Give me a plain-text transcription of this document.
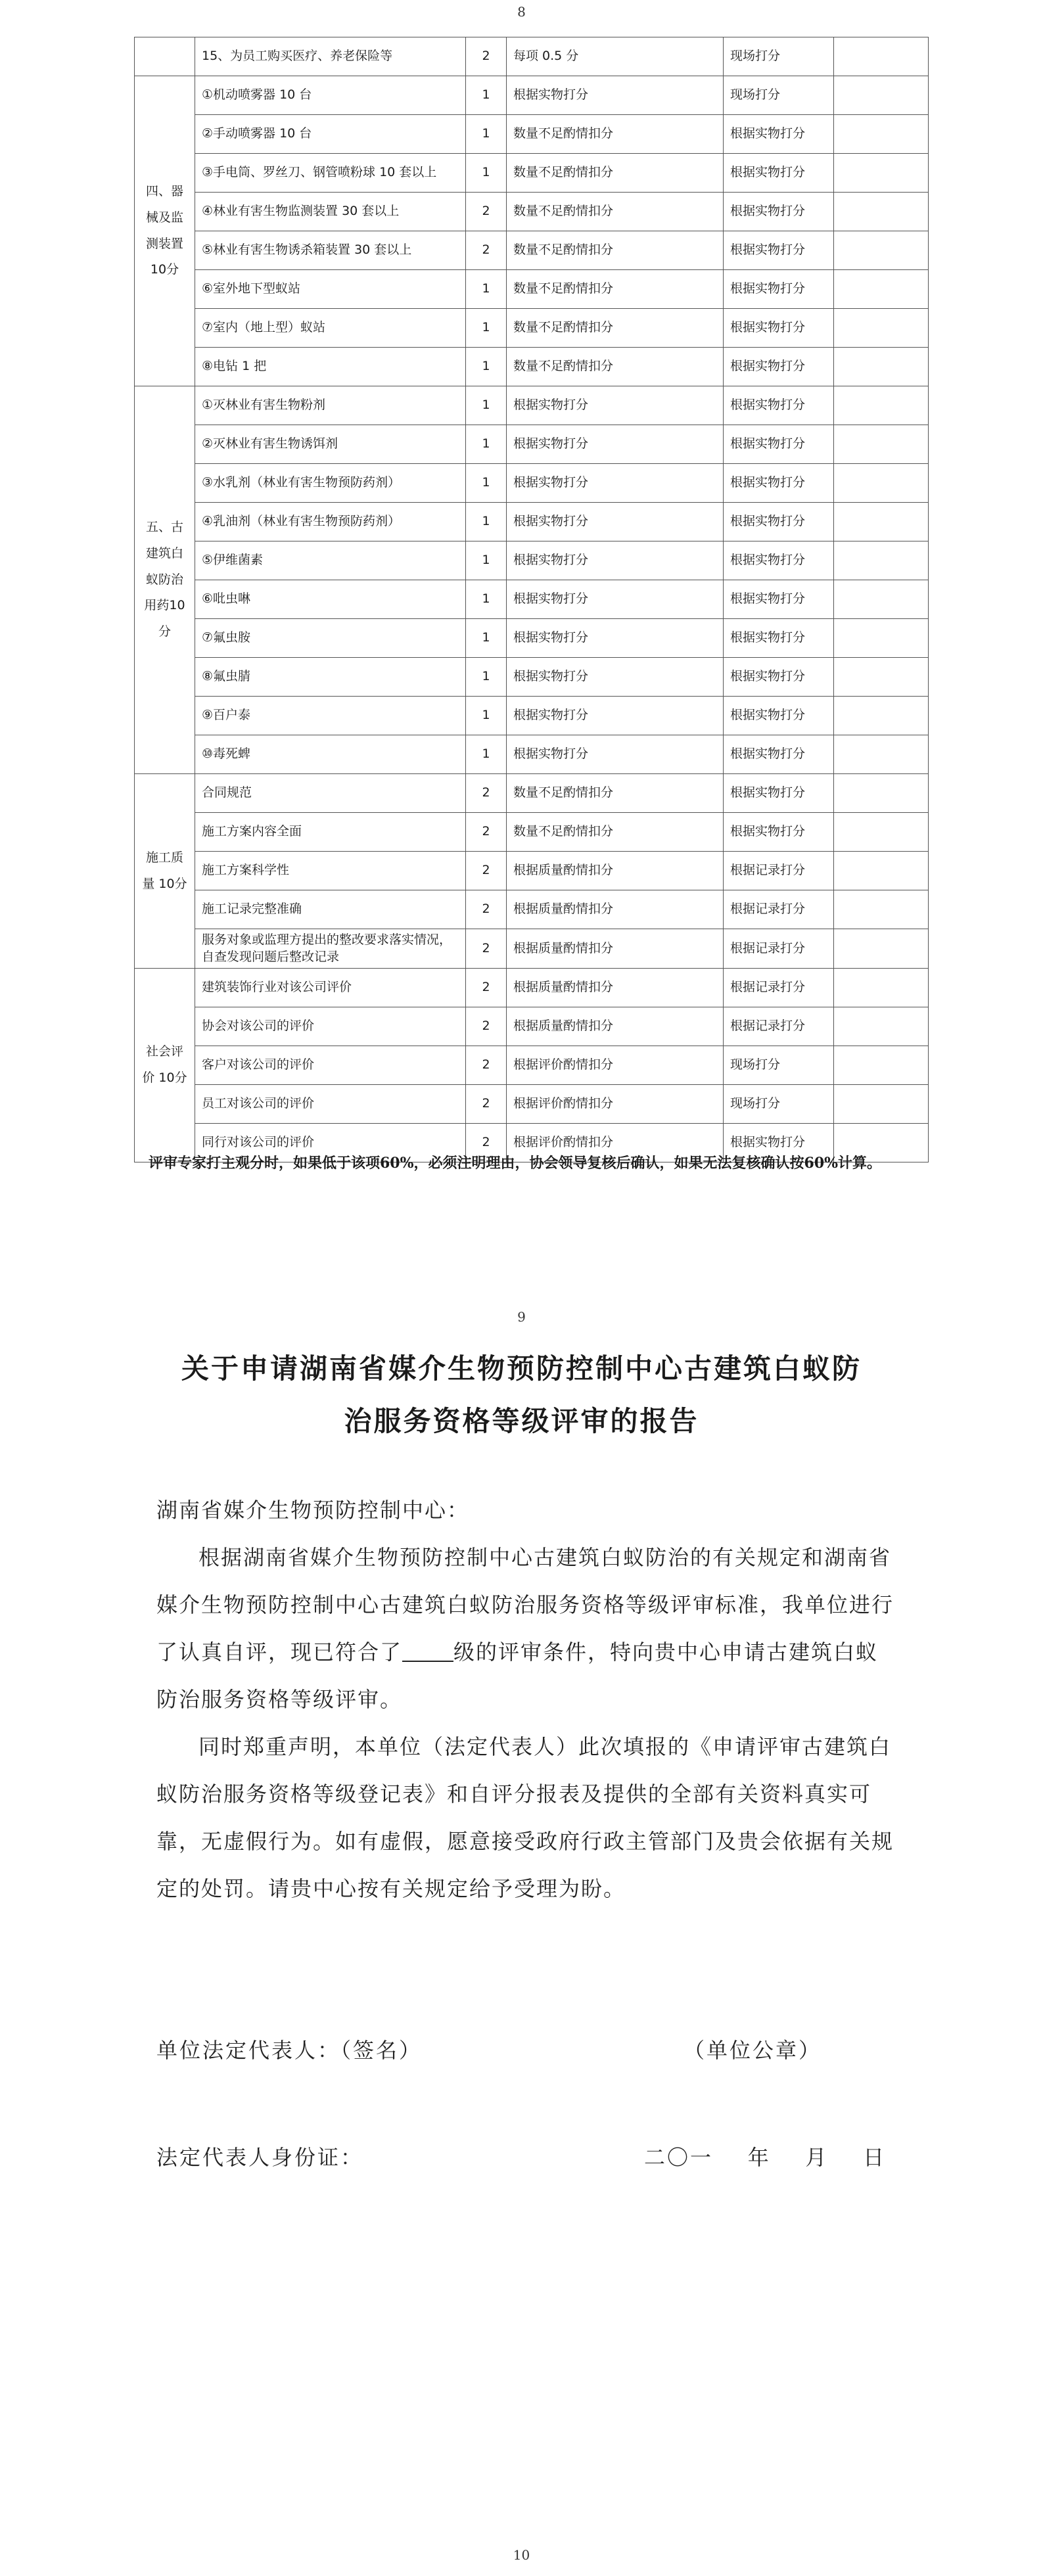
8
	15、为员工购买医疗、养老保险等	2	每项 0.5 分	现场打分	
四、器械及监测装置10分	①机动喷雾器 10 台	1	根据实物打分	现场打分	
	②手动喷雾器 10 台	1	数量不足酌情扣分	根据实物打分	
	③手电筒、罗丝刀、钢管喷粉球 10 套以上	1	数量不足酌情扣分	根据实物打分	
	④林业有害生物监测装置 30 套以上	2	数量不足酌情扣分	根据实物打分	
	⑤林业有害生物诱杀箱装置 30 套以上	2	数量不足酌情扣分	根据实物打分	
	⑥室外地下型蚁站	1	数量不足酌情扣分	根据实物打分	
	⑦室内（地上型）蚁站	1	数量不足酌情扣分	根据实物打分	
	⑧电钻 1 把	1	数量不足酌情扣分	根据实物打分	
五、古建筑白蚁防治用药10分	①灭林业有害生物粉剂	1	根据实物打分	根据实物打分	
	②灭林业有害生物诱饵剂	1	根据实物打分	根据实物打分	
	③水乳剂（林业有害生物预防药剂）	1	根据实物打分	根据实物打分	
	④乳油剂（林业有害生物预防药剂）	1	根据实物打分	根据实物打分	
	⑤伊维菌素	1	根据实物打分	根据实物打分	
	⑥吡虫啉	1	根据实物打分	根据实物打分	
	⑦氟虫胺	1	根据实物打分	根据实物打分	
	⑧氟虫腈	1	根据实物打分	根据实物打分	
	⑨百户泰	1	根据实物打分	根据实物打分	
	⑩毒死蜱	1	根据实物打分	根据实物打分	
施工质量 10分	合同规范	2	数量不足酌情扣分	根据实物打分	
	施工方案内容全面	2	数量不足酌情扣分	根据实物打分	
	施工方案科学性	2	根据质量酌情扣分	根据记录打分	
	施工记录完整准确	2	根据质量酌情扣分	根据记录打分	
	服务对象或监理方提出的整改要求落实情况，自查发现问题后整改记录	2	根据质量酌情扣分	根据记录打分	
社会评价 10分	建筑装饰行业对该公司评价	2	根据质量酌情扣分	根据记录打分	
	协会对该公司的评价	2	根据质量酌情扣分	根据记录打分	
	客户对该公司的评价	2	根据评价酌情扣分	现场打分	
	员工对该公司的评价	2	根据评价酌情扣分	现场打分	
	同行对该公司的评价	2	根据评价酌情扣分	根据实物打分	
评审专家打主观分时，如果低于该项60%，必须注明理由，协会领导复核后确认，如果无法复核确认按60%计算。
9
关于申请湖南省媒介生物预防控制中心古建筑白蚁防
治服务资格等级评审的报告
湖南省媒介生物预防控制中心：
根据湖南省媒介生物预防控制中心古建筑白蚁防治的有关规定和湖南省媒介生物预防控制中心古建筑白蚁防治服务资格等级评审标准，我单位进行了认真自评，现已符合了 级的评审条件，特向贵中心申请古建筑白蚁防治服务资格等级评审。
同时郑重声明，本单位（法定代表人）此次填报的《申请评审古建筑白蚁防治服务资格等级登记表》和自评分报表及提供的全部有关资料真实可靠，无虚假行为。如有虚假，愿意接受政府行政主管部门及贵会依据有关规定的处罚。请贵中心按有关规定给予受理为盼。
单位法定代表人：（签名）	（单位公章）
法定代表人身份证：	二〇一    年    月    日
10
